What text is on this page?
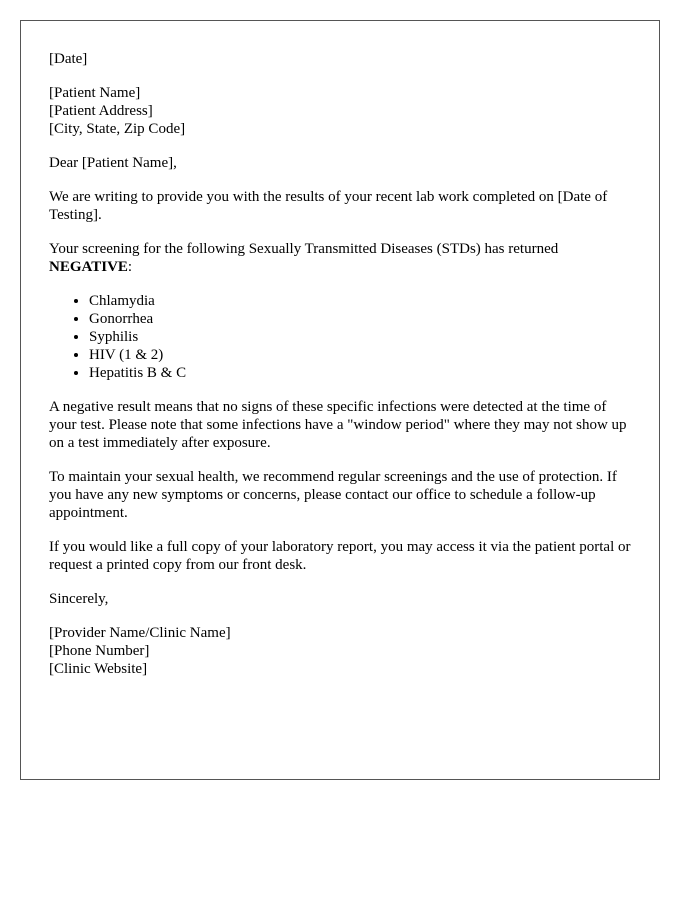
[Date]

[Patient Name]

[Patient Address]

[City, State, Zip Code]

Dear [Patient Name],

We are writing to provide you with the results of your recent lab work completed on [Date of Testing].

Your screening for the following Sexually Transmitted Diseases (STDs) has returned NEGATIVE:

• Chlamydia
• Gonorrhea
• Syphilis
• HIV (1 & 2)
• Hepatitis B & C

A negative result means that no signs of these specific infections were detected at the time of your test. Please note that some infections have a "window period" where they may not show up on a test immediately after exposure.

To maintain your sexual health, we recommend regular screenings and the use of protection. If you have any new symptoms or concerns, please contact our office to schedule a follow-up appointment.

If you would like a full copy of your laboratory report, you may access it via the patient portal or request a printed copy from our front desk.

Sincerely,

[Provider Name/Clinic Name]

[Phone Number]

[Clinic Website]
